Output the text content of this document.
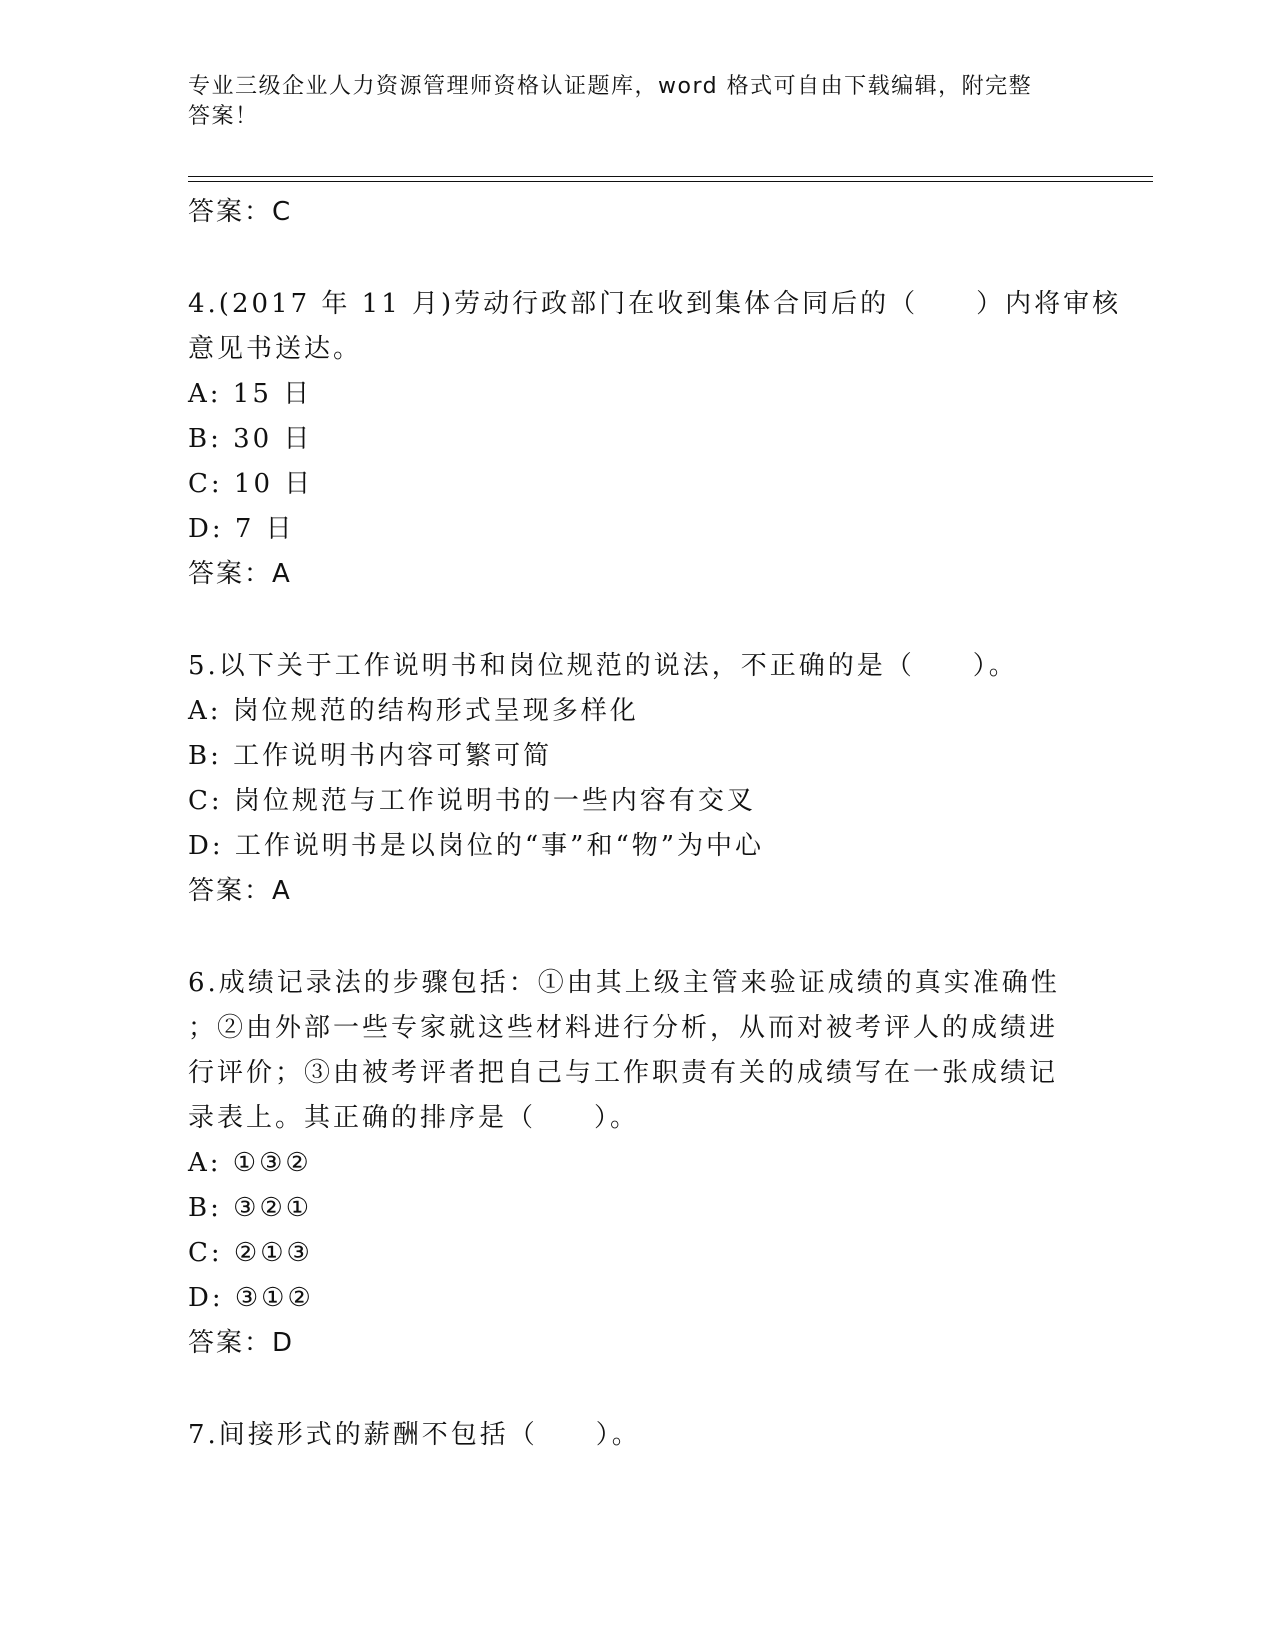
专业三级企业人力资源管理师资格认证题库，word 格式可自由下载编辑，附完整
答案！
答案：C
4.(2017 年 11 月)劳动行政部门在收到集体合同后的（　　）内将审核
意见书送达。
A: 15 日
B: 30 日
C: 10 日
D: 7 日
答案：A
5.以下关于工作说明书和岗位规范的说法，不正确的是（　　）。
A: 岗位规范的结构形式呈现多样化
B: 工作说明书内容可繁可简
C: 岗位规范与工作说明书的一些内容有交叉
D: 工作说明书是以岗位的“事”和“物”为中心
答案：A
6.成绩记录法的步骤包括：①由其上级主管来验证成绩的真实准确性
；②由外部一些专家就这些材料进行分析，从而对被考评人的成绩进
行评价；③由被考评者把自己与工作职责有关的成绩写在一张成绩记
录表上。其正确的排序是（　　）。
A: ①③②
B: ③②①
C: ②①③
D: ③①②
答案：D
7.间接形式的薪酬不包括（　　）。
